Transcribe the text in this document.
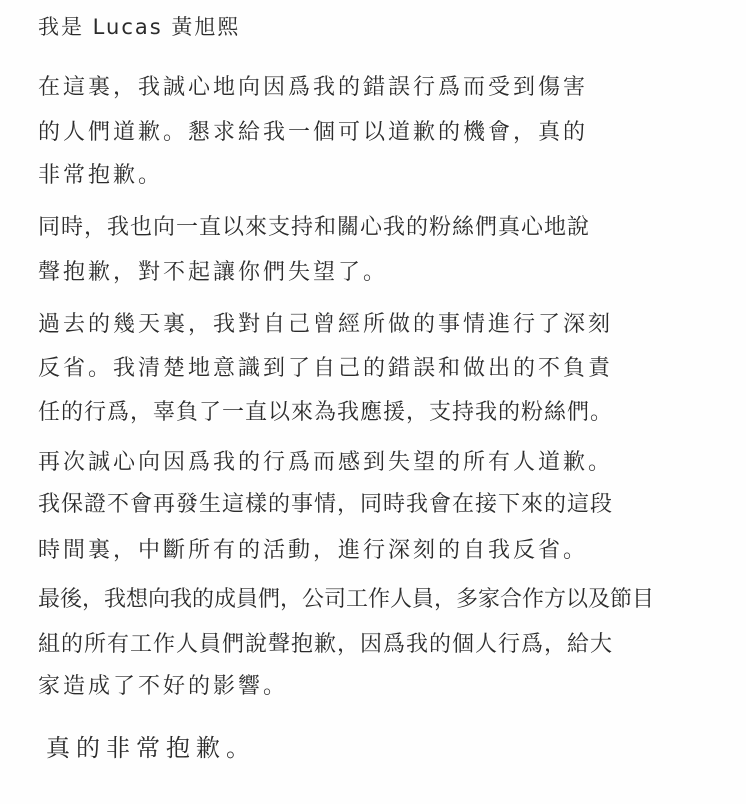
我是 Lucas 黃旭熙
在這裏，我誠心地向因爲我的錯誤行爲而受到傷害
的人們道歉。懇求給我一個可以道歉的機會，真的
非常抱歉。
同時，我也向一直以來支持和關心我的粉絲們真心地說
聲抱歉，對不起讓你們失望了。
過去的幾天裏，我對自己曾經所做的事情進行了深刻
反省。我清楚地意識到了自己的錯誤和做出的不負責
任的行爲，辜負了一直以來為我應援，支持我的粉絲們。
再次誠心向因爲我的行爲而感到失望的所有人道歉。
我保證不會再發生這樣的事情，同時我會在接下來的這段
時間裏，中斷所有的活動，進行深刻的自我反省。
最後，我想向我的成員們，公司工作人員，多家合作方以及節目
組的所有工作人員們說聲抱歉，因爲我的個人行爲，給大
家造成了不好的影響。
真的非常抱歉。
